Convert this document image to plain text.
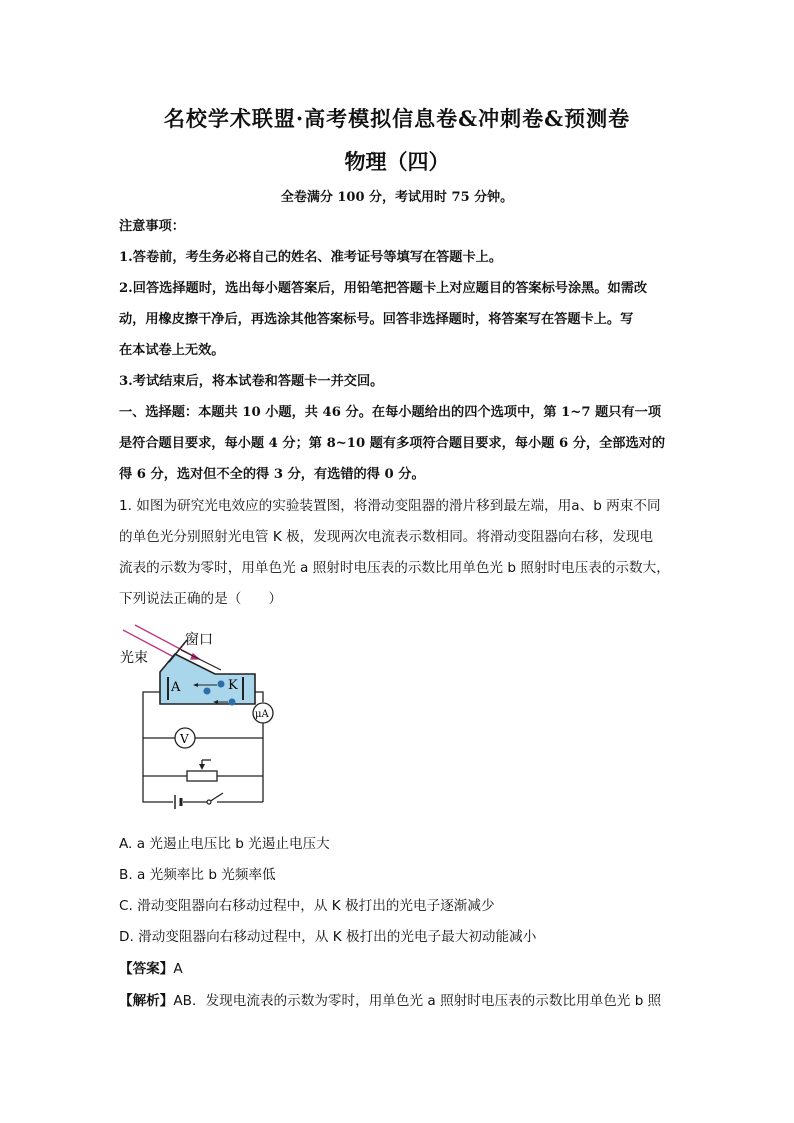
名校学术联盟·高考模拟信息卷&冲刺卷&预测卷
物理（四）
全卷满分 100 分，考试用时 75 分钟。
注意事项：
1.答卷前，考生务必将自己的姓名、准考证号等填写在答题卡上。
2.回答选择题时，选出每小题答案后，用铅笔把答题卡上对应题目的答案标号涂黑。如需改
动，用橡皮擦干净后，再选涂其他答案标号。回答非选择题时，将答案写在答题卡上。写
在本试卷上无效。
3.考试结束后，将本试卷和答题卡一并交回。
一、选择题：本题共 10 小题，共 46 分。在每小题给出的四个选项中，第 1~7 题只有一项
是符合题目要求，每小题 4 分；第 8~10 题有多项符合题目要求，每小题 6 分，全部选对的
得 6 分，选对但不全的得 3 分，有选错的得 0 分。
1. 如图为研究光电效应的实验装置图，将滑动变阻器的滑片移到最左端，用a、b 两束不同
的单色光分别照射光电管 K 极，发现两次电流表示数相同。将滑动变阻器向右移，发现电
流表的示数为零时，用单色光 a 照射时电压表的示数比用单色光 b 照射时电压表的示数大，
下列说法正确的是（　　）
窗口
光束
A	K
μA
V
A. a 光遏止电压比 b 光遏止电压大
B. a 光频率比 b 光频率低
C. 滑动变阻器向右移动过程中，从 K 极打出的光电子逐渐减少
D. 滑动变阻器向右移动过程中，从 K 极打出的光电子最大初动能减小
【答案】A
【解析】AB．发现电流表的示数为零时，用单色光 a 照射时电压表的示数比用单色光 b 照
